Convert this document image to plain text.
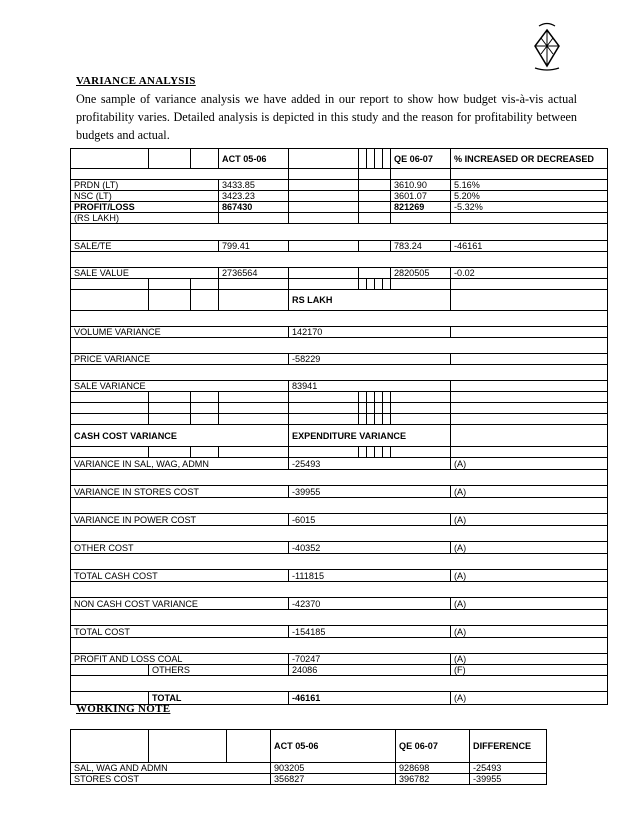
VARIANCE ANALYSIS

One sample of variance analysis we have added in our report to show how budget vis-à-vis actual profitability varies. Detailed analysis is depicted in this study and the reason for profitability between budgets and actual.

			ACT 05-06						QE 06-07	% INCREASED OR DECREASED

PRDN (LT)			3433.85						3610.90	5.16%
NSC (LT)			3423.23						3601.07	5.20%
PROFIT/LOSS			867430						821269	-5.32%
(RS LAKH)										

SALE/TE			799.41						783.24	-46161

SALE VALUE			2736564						2820505	-0.02

				RS LAKH						

VOLUME VARIANCE				142170						

PRICE VARIANCE				-58229						

SALE VARIANCE				83941						

CASH COST VARIANCE				EXPENDITURE VARIANCE						

VARIANCE IN SAL, WAG, ADMN				-25493						(A)

VARIANCE IN STORES COST				-39955						(A)

VARIANCE IN POWER COST				-6015						(A)

OTHER COST				-40352						(A)

TOTAL CASH COST				-111815						(A)

NON CASH COST VARIANCE				-42370						(A)

TOTAL COST				-154185						(A)

PROFIT AND LOSS COAL				-70247						(A)
	OTHERS			24086						(F)

	TOTAL			-46161						(A)

WORKING NOTE

			ACT 05-06	QE 06-07	DIFFERENCE
SAL, WAG AND ADMN			903205	928698	-25493
STORES COST			356827	396782	-39955
